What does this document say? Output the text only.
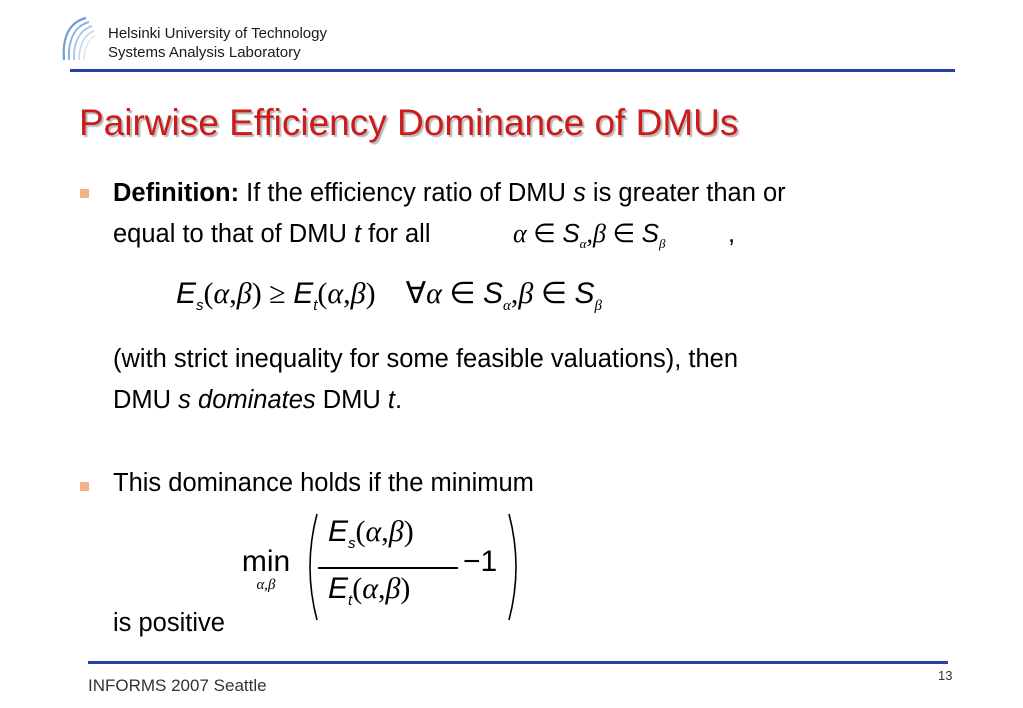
Helsinki University of Technology
Systems Analysis Laboratory
Pairwise Efficiency Dominance of DMUs
Definition: If the efficiency ratio of DMU s is greater than or
equal to that of DMU t for all	α ∈ $S_\alpha,\beta$ ∈ $S_\beta$ ,
$E_s(\alpha,\beta) \ge E_t(\alpha,\beta)$    ∀α ∈ $S_\alpha,\beta$ ∈ $S_\beta$
(with strict inequality for some feasible valuations), then
DMU s dominates DMU t.
This dominance holds if the minimum
min
α,β
$E_s(\alpha,\beta)$
$E_t(\alpha,\beta)$
−1
is positive
INFORMS 2007 Seattle
13
